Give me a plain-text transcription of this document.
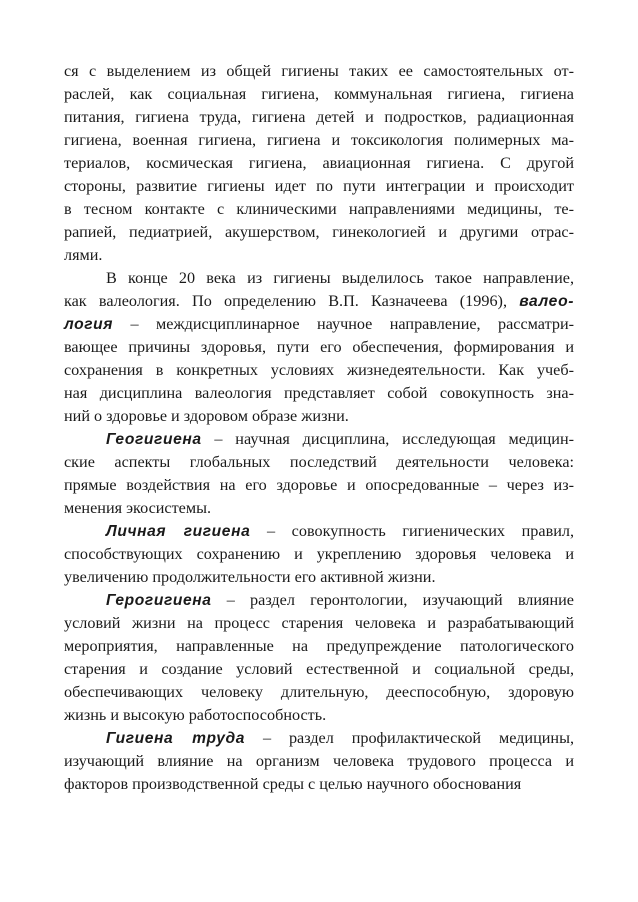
ся с выделением из общей гигиены таких ее самостоятельных от-
раслей, как социальная гигиена, коммунальная гигиена, гигиена
питания, гигиена труда, гигиена детей и подростков, радиационная
гигиена, военная гигиена, гигиена и токсикология полимерных ма-
териалов, космическая гигиена, авиационная гигиена. С другой
стороны, развитие гигиены идет по пути интеграции и происходит
в тесном контакте с клиническими направлениями медицины, те-
рапией, педиатрией, акушерством, гинекологией и другими отрас-
лями.
В конце 20 века из гигиены выделилось такое направление,
как валеология. По определению В.П. Казначеева (1996), валео-
логия – междисциплинарное научное направление, рассматри-
вающее причины здоровья, пути его обеспечения, формирования и
сохранения в конкретных условиях жизнедеятельности. Как учеб-
ная дисциплина валеология представляет собой совокупность зна-
ний о здоровье и здоровом образе жизни.
Геогигиена – научная дисциплина, исследующая медицин-
ские аспекты глобальных последствий деятельности человека:
прямые воздействия на его здоровье и опосредованные – через из-
менения экосистемы.
Личная гигиена – совокупность гигиенических правил,
способствующих сохранению и укреплению здоровья человека и
увеличению продолжительности его активной жизни.
Герогигиена – раздел геронтологии, изучающий влияние
условий жизни на процесс старения человека и разрабатывающий
мероприятия, направленные на предупреждение патологического
старения и создание условий естественной и социальной среды,
обеспечивающих человеку длительную, дееспособную, здоровую
жизнь и высокую работоспособность.
Гигиена труда – раздел профилактической медицины,
изучающий влияние на организм человека трудового процесса и
факторов производственной среды с целью научного обоснования
